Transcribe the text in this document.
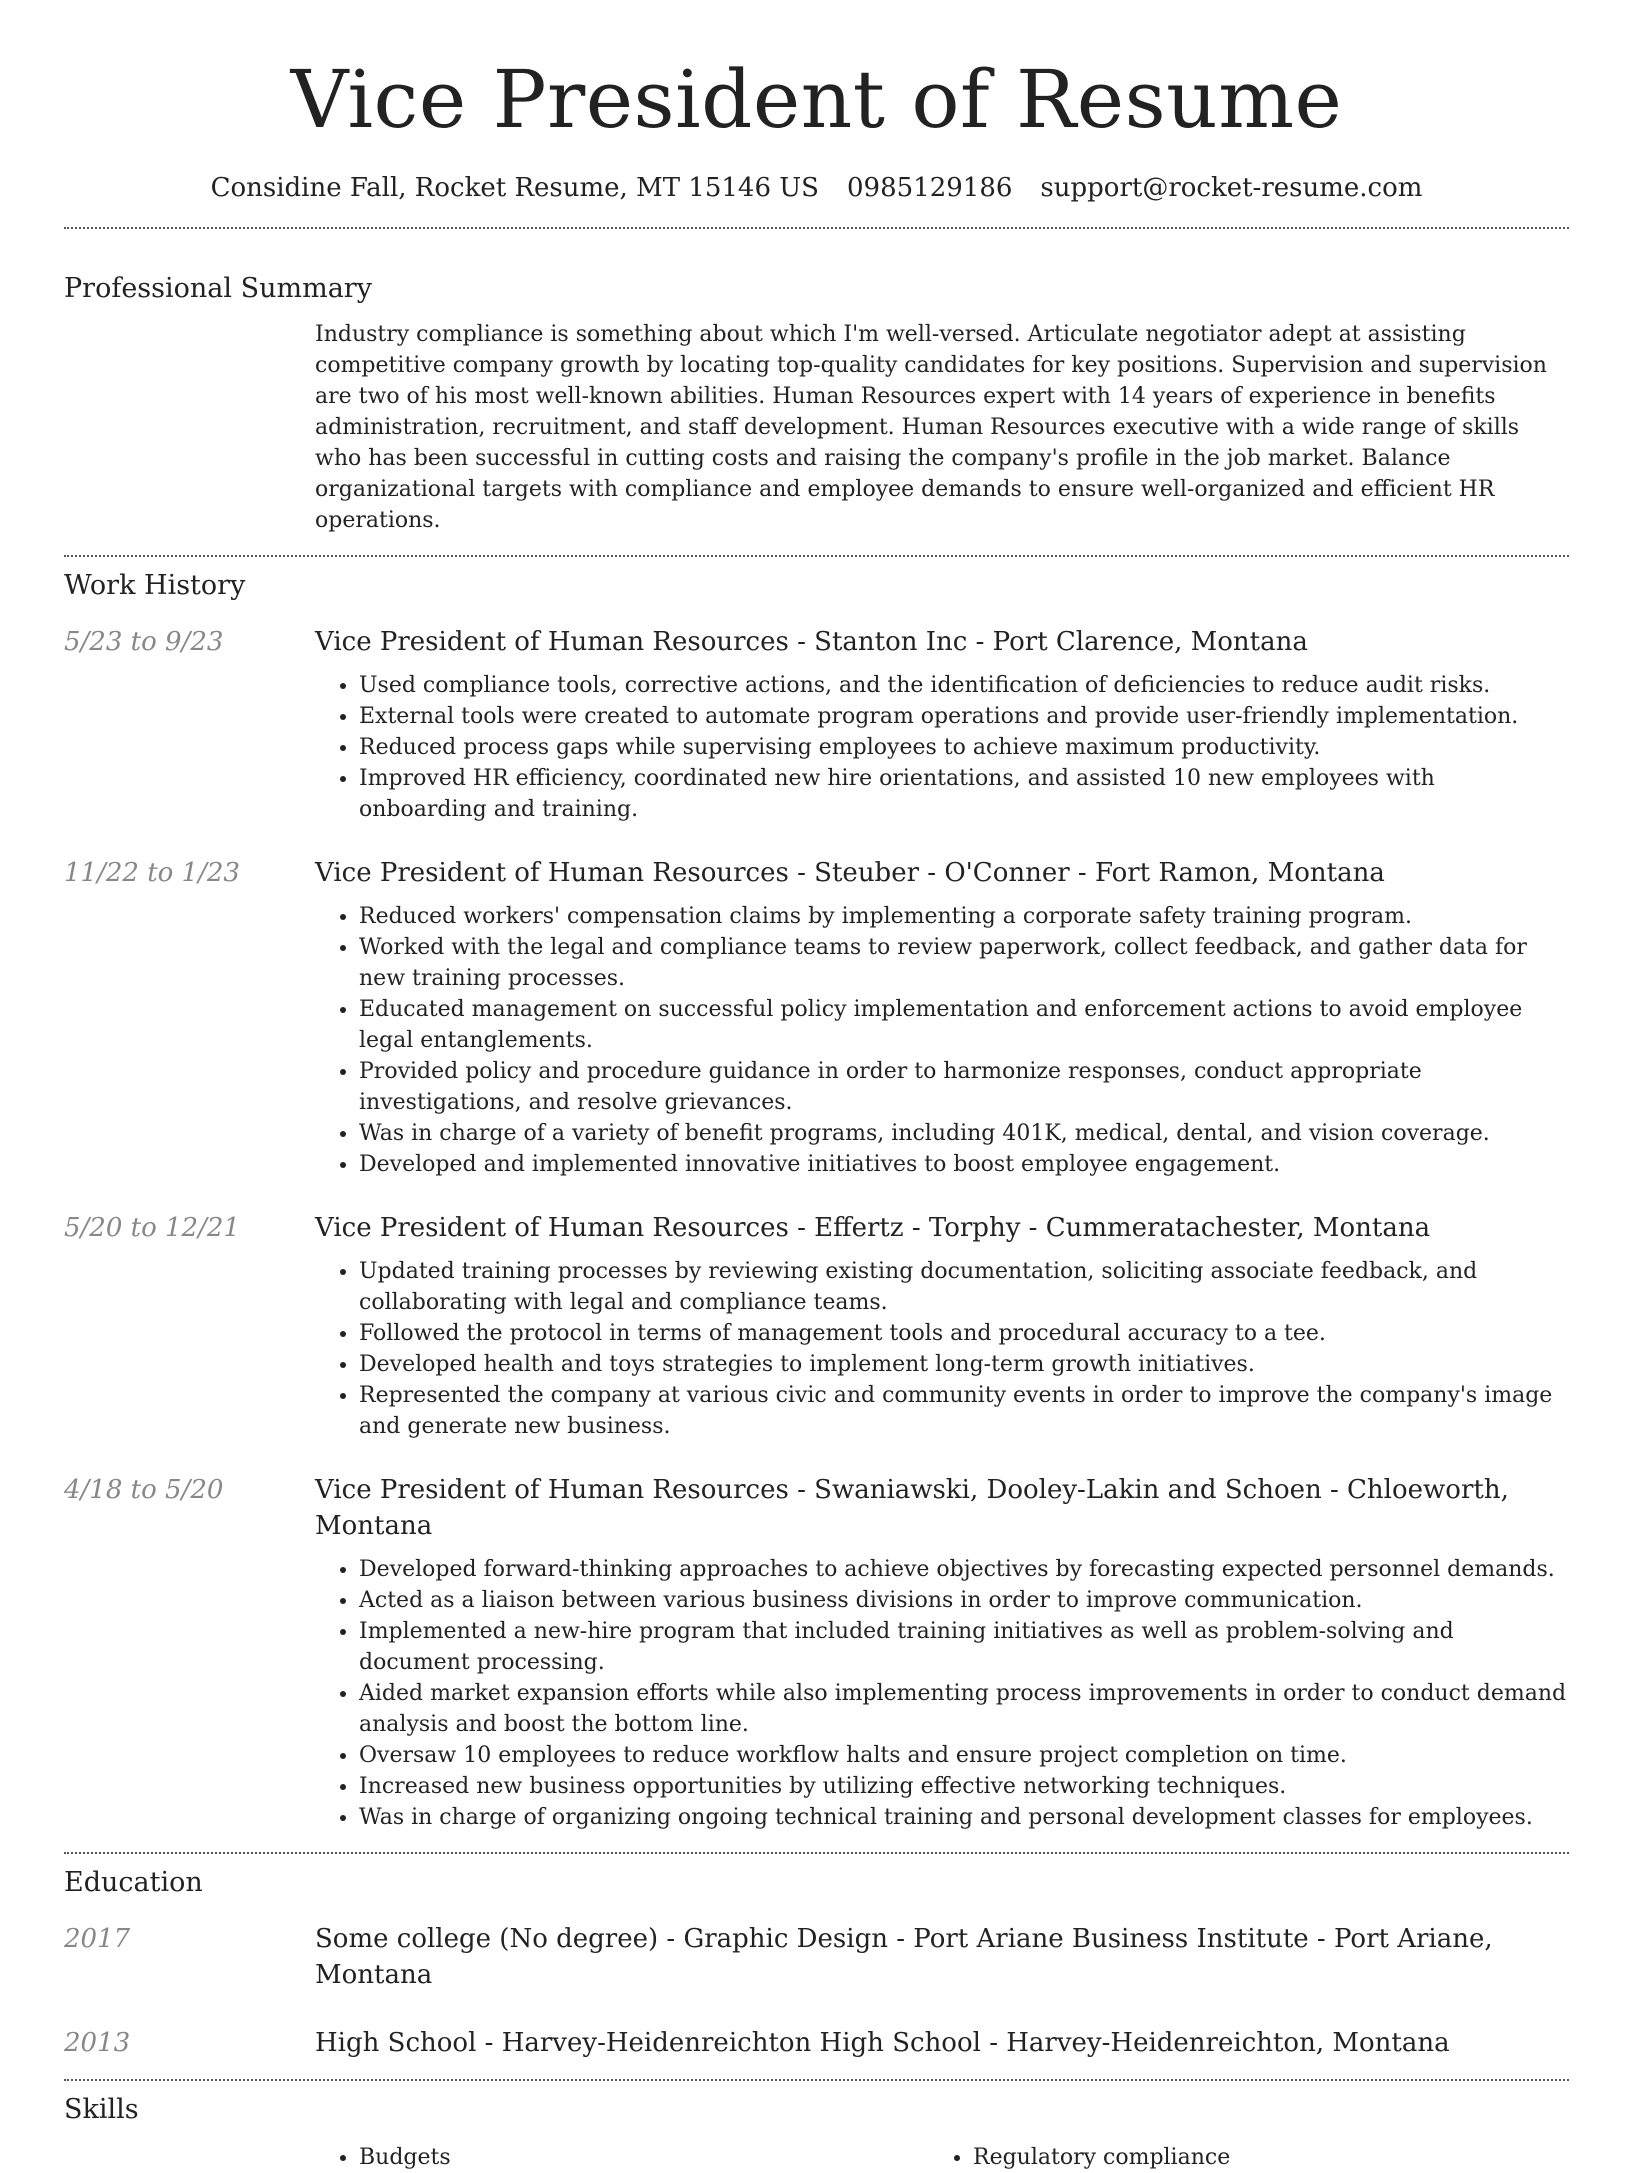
Vice President of Resume
Considine Fall, Rocket Resume, MT 15146 US 0985129186 support@rocket-resume.com
Professional Summary
Industry compliance is something about which I'm well-versed. Articulate negotiator adept at assisting competitive company growth by locating top-quality candidates for key positions. Supervision and supervision are two of his most well-known abilities. Human Resources expert with 14 years of experience in benefits administration, recruitment, and staff development. Human Resources executive with a wide range of skills who has been successful in cutting costs and raising the company's profile in the job market. Balance organizational targets with compliance and employee demands to ensure well-organized and efficient HR operations.
Work History
5/23 to 9/23	Vice President of Human Resources - Stanton Inc - Port Clarence, Montana
• Used compliance tools, corrective actions, and the identification of deficiencies to reduce audit risks.
• External tools were created to automate program operations and provide user-friendly implementation.
• Reduced process gaps while supervising employees to achieve maximum productivity.
• Improved HR efficiency, coordinated new hire orientations, and assisted 10 new employees with onboarding and training.
11/22 to 1/23	Vice President of Human Resources - Steuber - O'Conner - Fort Ramon, Montana
• Reduced workers' compensation claims by implementing a corporate safety training program.
• Worked with the legal and compliance teams to review paperwork, collect feedback, and gather data for new training processes.
• Educated management on successful policy implementation and enforcement actions to avoid employee legal entanglements.
• Provided policy and procedure guidance in order to harmonize responses, conduct appropriate investigations, and resolve grievances.
• Was in charge of a variety of benefit programs, including 401K, medical, dental, and vision coverage.
• Developed and implemented innovative initiatives to boost employee engagement.
5/20 to 12/21	Vice President of Human Resources - Effertz - Torphy - Cummeratachester, Montana
• Updated training processes by reviewing existing documentation, soliciting associate feedback, and collaborating with legal and compliance teams.
• Followed the protocol in terms of management tools and procedural accuracy to a tee.
• Developed health and toys strategies to implement long-term growth initiatives.
• Represented the company at various civic and community events in order to improve the company's image and generate new business.
4/18 to 5/20	Vice President of Human Resources - Swaniawski, Dooley-Lakin and Schoen - Chloeworth, Montana
• Developed forward-thinking approaches to achieve objectives by forecasting expected personnel demands.
• Acted as a liaison between various business divisions in order to improve communication.
• Implemented a new-hire program that included training initiatives as well as problem-solving and document processing.
• Aided market expansion efforts while also implementing process improvements in order to conduct demand analysis and boost the bottom line.
• Oversaw 10 employees to reduce workflow halts and ensure project completion on time.
• Increased new business opportunities by utilizing effective networking techniques.
• Was in charge of organizing ongoing technical training and personal development classes for employees.
Education
2017	Some college (No degree) - Graphic Design - Port Ariane Business Institute - Port Ariane, Montana
2013	High School - Harvey-Heidenreichton High School - Harvey-Heidenreichton, Montana
Skills
• Budgets
•	Regulatory compliance
